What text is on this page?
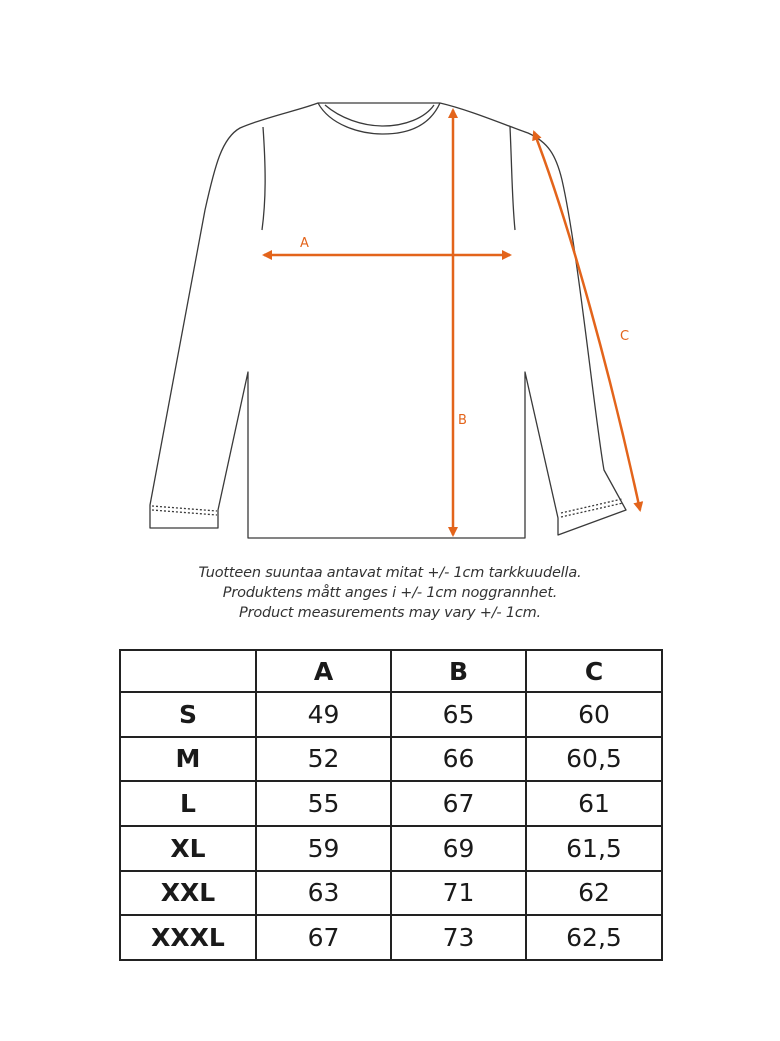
A
B
C
Tuotteen suuntaa antavat mitat +/- 1cm tarkkuudella.
Produktens mått anges i +/- 1cm noggrannhet.
Product measurements may vary +/- 1cm.
	A	B	C
S	49	65	60
M	52	66	60,5
L	55	67	61
XL	59	69	61,5
XXL	63	71	62
XXXL	67	73	62,5
